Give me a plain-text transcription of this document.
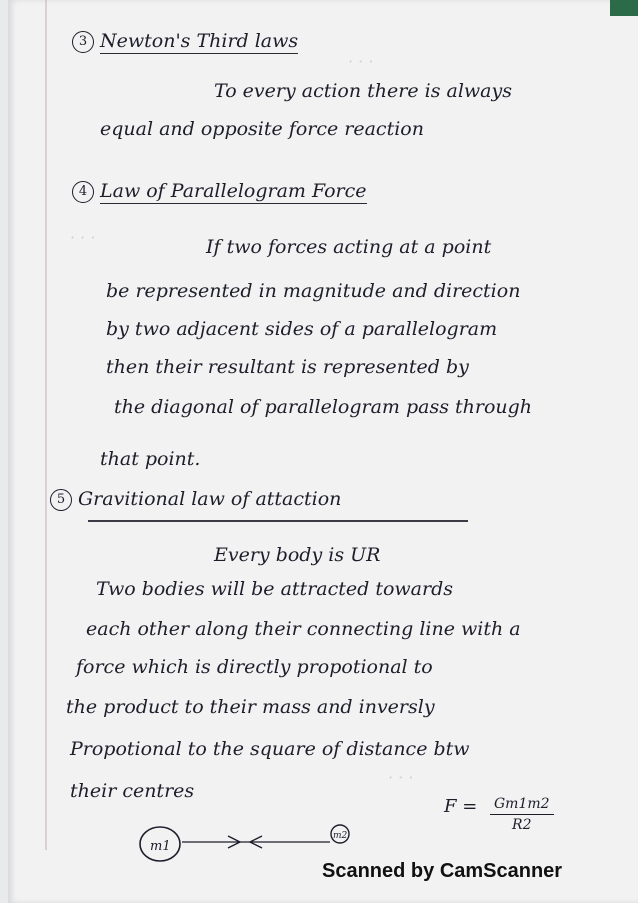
· · ·
· · ·
· · ·
3 Newton's Third laws
To every action there is always
equal and opposite force reaction
4 Law of Parallelogram Force
If two forces acting at a point
be represented in magnitude and direction
by two adjacent sides of a parallelogram
then their resultant is represented by
the diagonal of parallelogram pass through
that point.
5 Gravitional law of attaction
Every body is UR
Two bodies will be attracted towards
each other along their connecting line with a
force which is directly propotional to
the product to their mass and inversly
Propotional to the square of distance btw
their centres
m1
m2
$F = \frac{Gm1m2}{R2}$
Scanned by CamScanner
